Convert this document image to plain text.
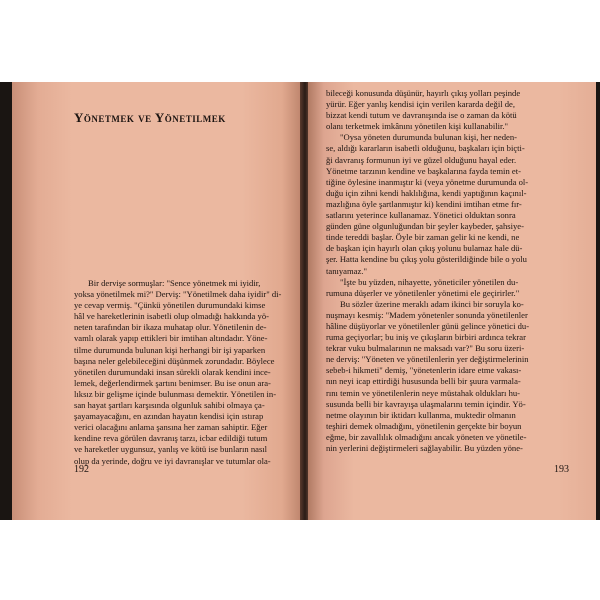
Yönetmek ve Yönetilmek
Bir dervişe sormuşlar: "Sence yönetmek mi iyidir,
yoksa yönetilmek mi?" Derviş: "Yönetilmek daha iyidir" di-
ye cevap vermiş. "Çünkü yönetilen durumundaki kimse
hâl ve hareketlerinin isabetli olup olmadığı hakkında yö-
neten tarafından bir ikaza muhatap olur. Yönetilenin de-
vamlı olarak yapıp ettikleri bir imtihan altındadır. Yöne-
tilme durumunda bulunan kişi herhangi bir işi yaparken
başına neler gelebileceğini düşünmek zorundadır. Böylece
yönetilen durumundaki insan sürekli olarak kendini ince-
lemek, değerlendirmek şartını benimser. Bu ise onun ara-
lıksız bir gelişme içinde bulunması demektir. Yönetilen in-
san hayat şartları karşısında olgunluk sahibi olmaya ça-
şayamayacağını, en azından hayatın kendisi için ıstırap
verici olacağını anlama şansına her zaman sahiptir. Eğer
kendine reva görülen davranış tarzı, icbar edildiği tutum
ve hareketler uygunsuz, yanlış ve kötü ise bunların nasıl
olup da yerinde, doğru ve iyi davranışlar ve tutumlar ola-
192
bileceği konusunda düşünür, hayırlı çıkış yolları peşinde
yürür. Eğer yanlış kendisi için verilen kararda değil de,
bizzat kendi tutum ve davranışında ise o zaman da kötü
olanı terketmek imkânını yönetilen kişi kullanabilir."
"Oysa yöneten durumunda bulunan kişi, her neden-
se, aldığı kararların isabetli olduğunu, başkaları için biçti-
ği davranış formunun iyi ve güzel olduğunu hayal eder.
Yönetme tarzının kendine ve başkalarına fayda temin et-
tiğine öylesine inanmıştır ki (veya yönetme durumunda ol-
duğu için zihni kendi haklılığına, kendi yaptığının kaçınıl-
mazlığına öyle şartlanmıştır ki) kendini imtihan etme fır-
satlarını yeterince kullanamaz. Yönetici olduktan sonra
günden güne olgunluğundan bir şeyler kaybeder, şahsiye-
tinde tereddi başlar. Öyle bir zaman gelir ki ne kendi, ne
de başkan için hayırlı olan çıkış yolunu bulamaz hale dü-
şer. Hatta kendine bu çıkış yolu gösterildiğinde bile o yolu
tanıyamaz."
"İşte bu yüzden, nihayette, yöneticiler yönetilen du-
rumuna düşerler ve yönetilenler yönetimi ele geçirirler."
Bu sözler üzerine meraklı adam ikinci bir soruyla ko-
nuşmayı kesmiş: "Madem yönetenler sonunda yönetilenler
hâline düşüyorlar ve yönetilenler günü gelince yönetici du-
ruma geçiyorlar; bu iniş ve çıkışların birbiri ardınca tekrar
tekrar vuku bulmalarının ne maksadı var?" Bu soru üzeri-
ne derviş: "Yöneten ve yönetilenlerin yer değiştirmelerinin
sebeb-i hikmeti" demiş, "yönetenlerin idare etme vakası-
nın neyi icap ettirdiği hususunda belli bir şuura varmala-
rını temin ve yönetilenlerin neye müstahak oldukları hu-
susunda belli bir kavrayışa ulaşmalarını temin içindir. Yö-
netme olayının bir iktidarı kullanma, muktedir olmanın
teşhiri demek olmadığını, yönetilenin gerçekte bir boyun
eğme, bir zavallılık olmadığını ancak yöneten ve yönetile-
nin yerlerini değiştirmeleri sağlayabilir. Bu yüzden yöne-
193
